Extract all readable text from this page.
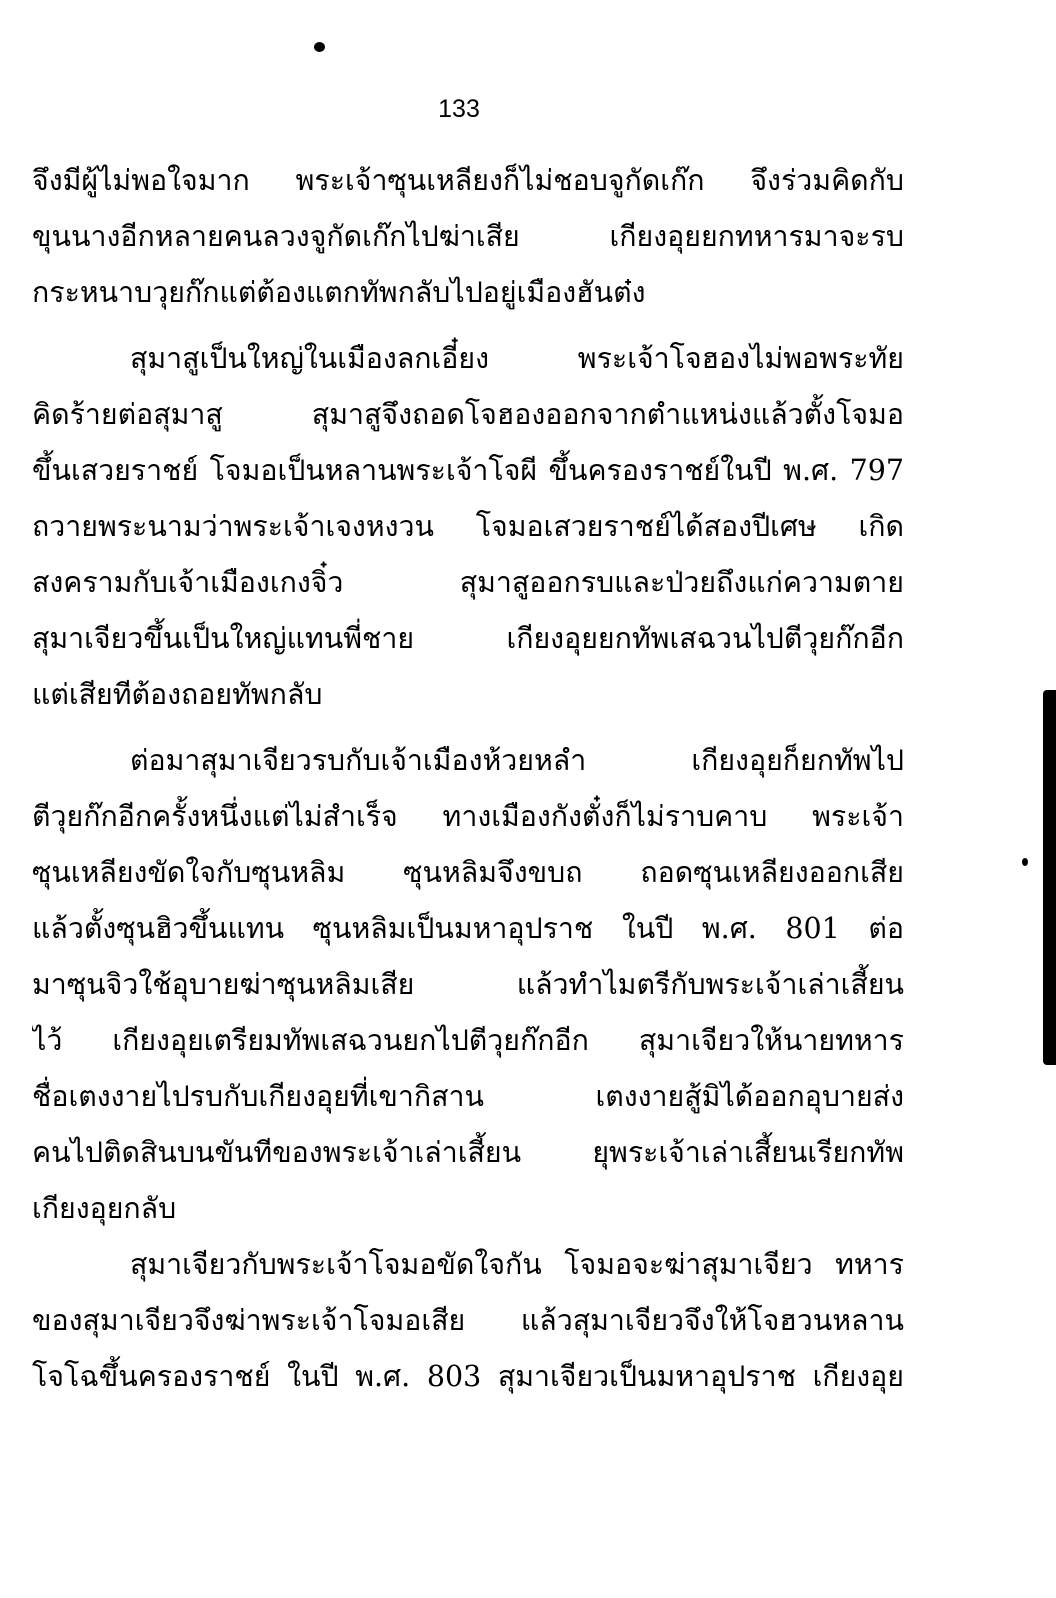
133
จึงมีผู้ไม่พอใจมาก พระเจ้าซุนเหลียงก็ไม่ชอบจูกัดเก๊ก จึงร่วมคิดกับ
ขุนนางอีกหลายคนลวงจูกัดเก๊กไปฆ่าเสีย เกียงอุยยกทหารมาจะรบ
กระหนาบวุยก๊กแต่ต้องแตกทัพกลับไปอยู่เมืองฮันต๋ง
สุมาสูเป็นใหญ่ในเมืองลกเอี๋ยง พระเจ้าโจฮองไม่พอพระทัย
คิดร้ายต่อสุมาสู สุมาสูจึงถอดโจฮองออกจากตำแหน่งแล้วตั้งโจมอ
ขึ้นเสวยราชย์ โจมอเป็นหลานพระเจ้าโจผี ขึ้นครองราชย์ในปี พ.ศ. 797
ถวายพระนามว่าพระเจ้าเจงหงวน โจมอเสวยราชย์ได้สองปีเศษ เกิด
สงครามกับเจ้าเมืองเกงจิ๋ว สุมาสูออกรบและป่วยถึงแก่ความตาย
สุมาเจียวขึ้นเป็นใหญ่แทนพี่ชาย เกียงอุยยกทัพเสฉวนไปตีวุยก๊กอีก
แต่เสียทีต้องถอยทัพกลับ
ต่อมาสุมาเจียวรบกับเจ้าเมืองห้วยหลำ เกียงอุยก็ยกทัพไป
ตีวุยก๊กอีกครั้งหนึ่งแต่ไม่สำเร็จ ทางเมืองกังตั๋งก็ไม่ราบคาบ พระเจ้า
ซุนเหลียงขัดใจกับซุนหลิม ซุนหลิมจึงขบถ ถอดซุนเหลียงออกเสีย
แล้วตั้งซุนฮิวขึ้นแทน ซุนหลิมเป็นมหาอุปราช ในปี พ.ศ. 801 ต่อ
มาซุนจิวใช้อุบายฆ่าซุนหลิมเสีย แล้วทำไมตรีกับพระเจ้าเล่าเสี้ยน
ไว้ เกียงอุยเตรียมทัพเสฉวนยกไปตีวุยก๊กอีก สุมาเจียวให้นายทหาร
ชื่อเตงงายไปรบกับเกียงอุยที่เขากิสาน เตงงายสู้มิได้ออกอุบายส่ง
คนไปติดสินบนขันทีของพระเจ้าเล่าเสี้ยน ยุพระเจ้าเล่าเสี้ยนเรียกทัพ
เกียงอุยกลับ
สุมาเจียวกับพระเจ้าโจมอขัดใจกัน โจมอจะฆ่าสุมาเจียว ทหาร
ของสุมาเจียวจึงฆ่าพระเจ้าโจมอเสีย แล้วสุมาเจียวจึงให้โจฮวนหลาน
โจโฉขึ้นครองราชย์ ในปี พ.ศ. 803 สุมาเจียวเป็นมหาอุปราช เกียงอุย
